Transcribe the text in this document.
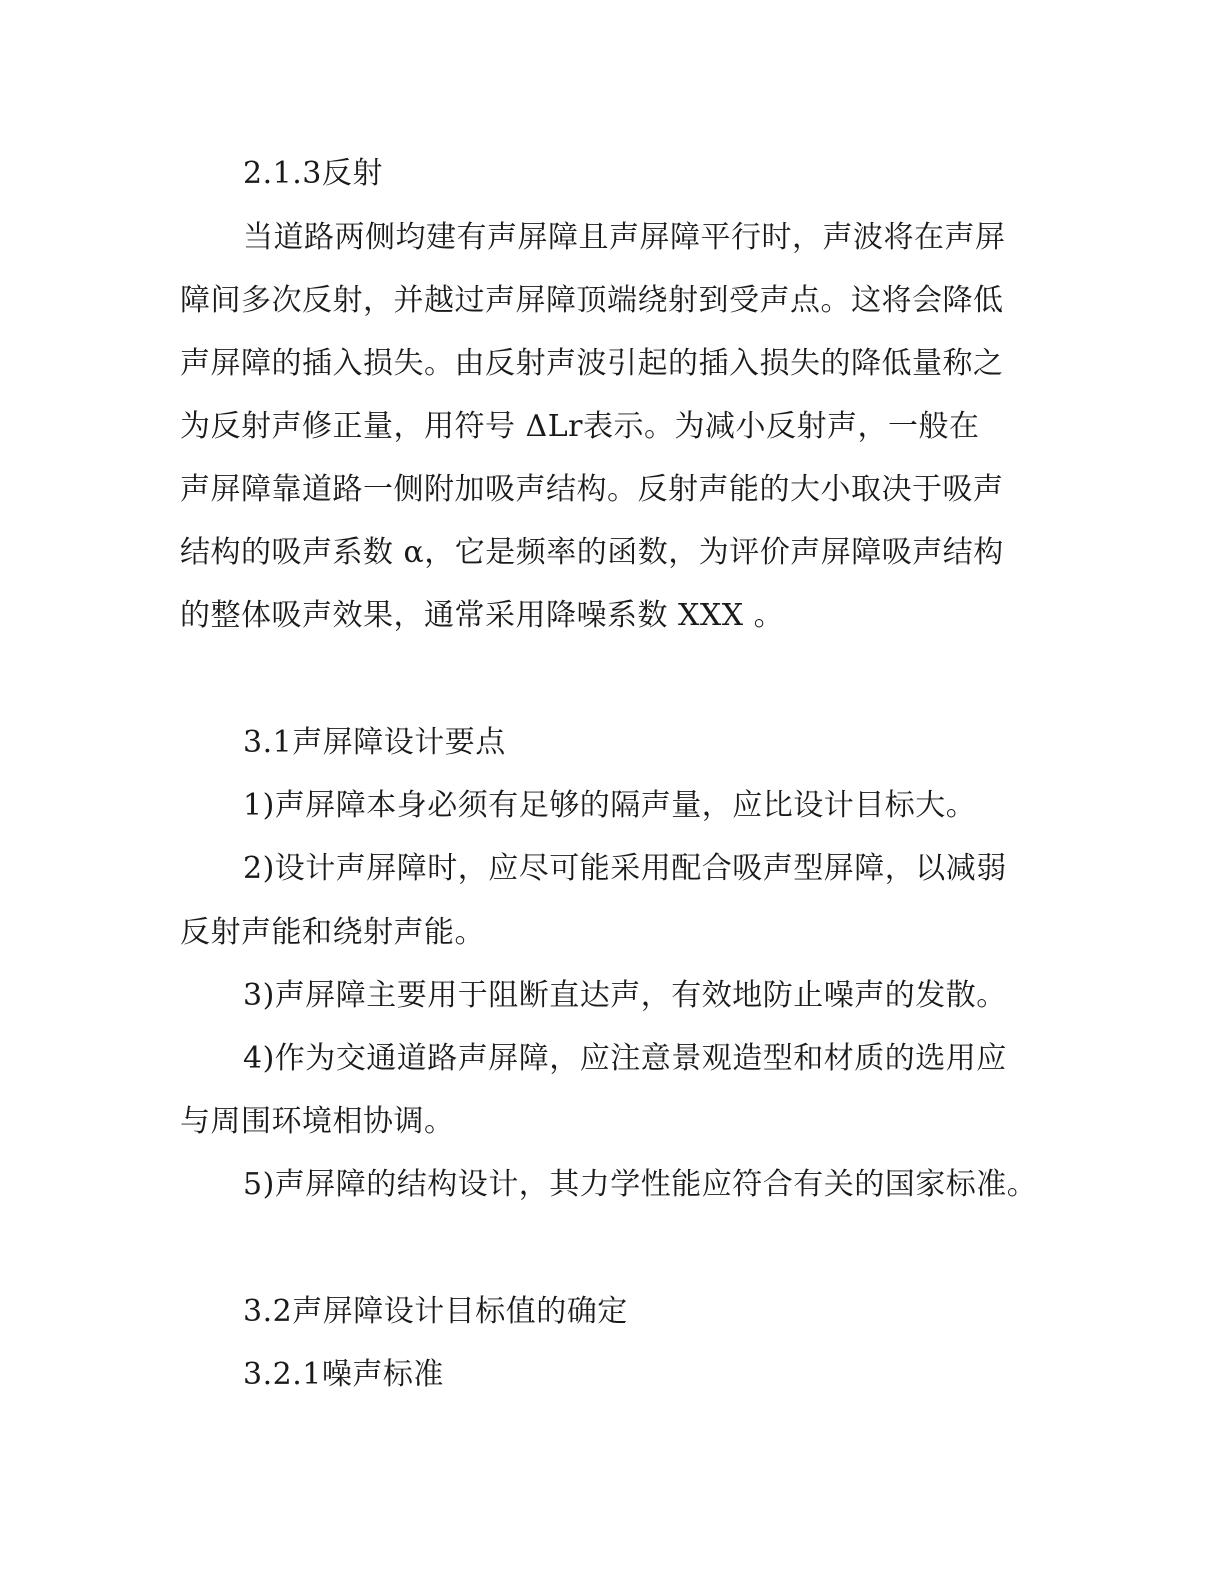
2.1.3反射
当道路两侧均建有声屏障且声屏障平行时，声波将在声屏
障间多次反射，并越过声屏障顶端绕射到受声点。这将会降低
声屏障的插入损失。由反射声波引起的插入损失的降低量称之
为反射声修正量，用符号 ΔLr表示。为减小反射声，一般在
声屏障靠道路一侧附加吸声结构。反射声能的大小取决于吸声
结构的吸声系数 α，它是频率的函数，为评价声屏障吸声结构
的整体吸声效果，通常采用降噪系数 XXX 。
3.1声屏障设计要点
1)声屏障本身必须有足够的隔声量，应比设计目标大。
2)设计声屏障时，应尽可能采用配合吸声型屏障，以减弱
反射声能和绕射声能。
3)声屏障主要用于阻断直达声，有效地防止噪声的发散。
4)作为交通道路声屏障，应注意景观造型和材质的选用应
与周围环境相协调。
5)声屏障的结构设计，其力学性能应符合有关的国家标准。
3.2声屏障设计目标值的确定
3.2.1噪声标准
